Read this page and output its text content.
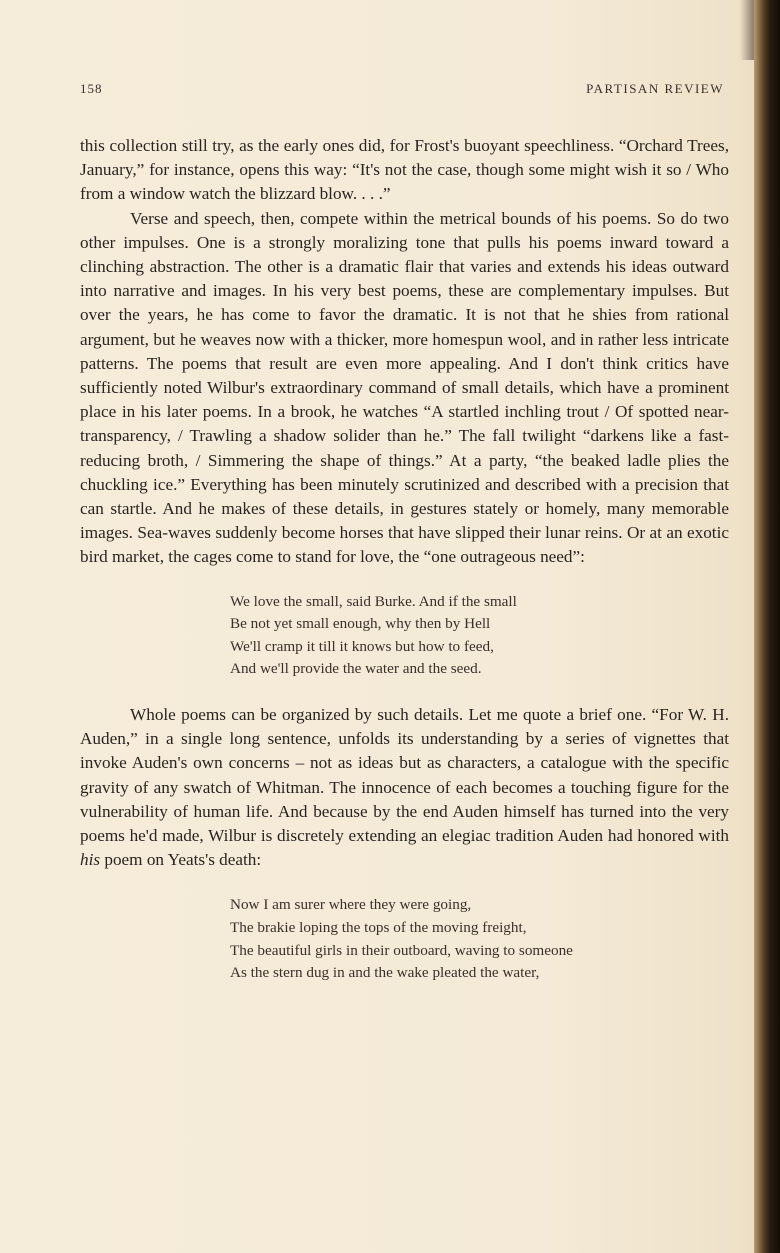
158	PARTISAN REVIEW

this collection still try, as the early ones did, for Frost's buoyant speechliness. “Orchard Trees, January,” for instance, opens this way: “It's not the case, though some might wish it so / Who from a window watch the blizzard blow. . . .”

Verse and speech, then, compete within the metrical bounds of his poems. So do two other impulses. One is a strongly moralizing tone that pulls his poems inward toward a clinching abstraction. The other is a dramatic flair that varies and extends his ideas outward into narrative and images. In his very best poems, these are complementary impulses. But over the years, he has come to favor the dramatic. It is not that he shies from rational argument, but he weaves now with a thicker, more homespun wool, and in rather less intricate patterns. The poems that result are even more appealing. And I don't think critics have sufficiently noted Wilbur's extraordinary command of small details, which have a prominent place in his later poems. In a brook, he watches “A startled inchling trout / Of spotted near-transparency, / Trawling a shadow solider than he.” The fall twilight “darkens like a fast-reducing broth, / Simmering the shape of things.” At a party, “the beaked ladle plies the chuckling ice.” Everything has been minutely scrutinized and described with a precision that can startle. And he makes of these details, in gestures stately or homely, many memorable images. Sea-waves suddenly become horses that have slipped their lunar reins. Or at an exotic bird market, the cages come to stand for love, the “one outrageous need”:

We love the small, said Burke. And if the small
Be not yet small enough, why then by Hell
We'll cramp it till it knows but how to feed,
And we'll provide the water and the seed.

Whole poems can be organized by such details. Let me quote a brief one. “For W. H. Auden,” in a single long sentence, unfolds its understanding by a series of vignettes that invoke Auden's own concerns – not as ideas but as characters, a catalogue with the specific gravity of any swatch of Whitman. The innocence of each becomes a touching figure for the vulnerability of human life. And because by the end Auden himself has turned into the very poems he'd made, Wilbur is discretely extending an elegiac tradition Auden had honored with his poem on Yeats's death:

Now I am surer where they were going,
The brakie loping the tops of the moving freight,
The beautiful girls in their outboard, waving to someone
As the stern dug in and the wake pleated the water,
